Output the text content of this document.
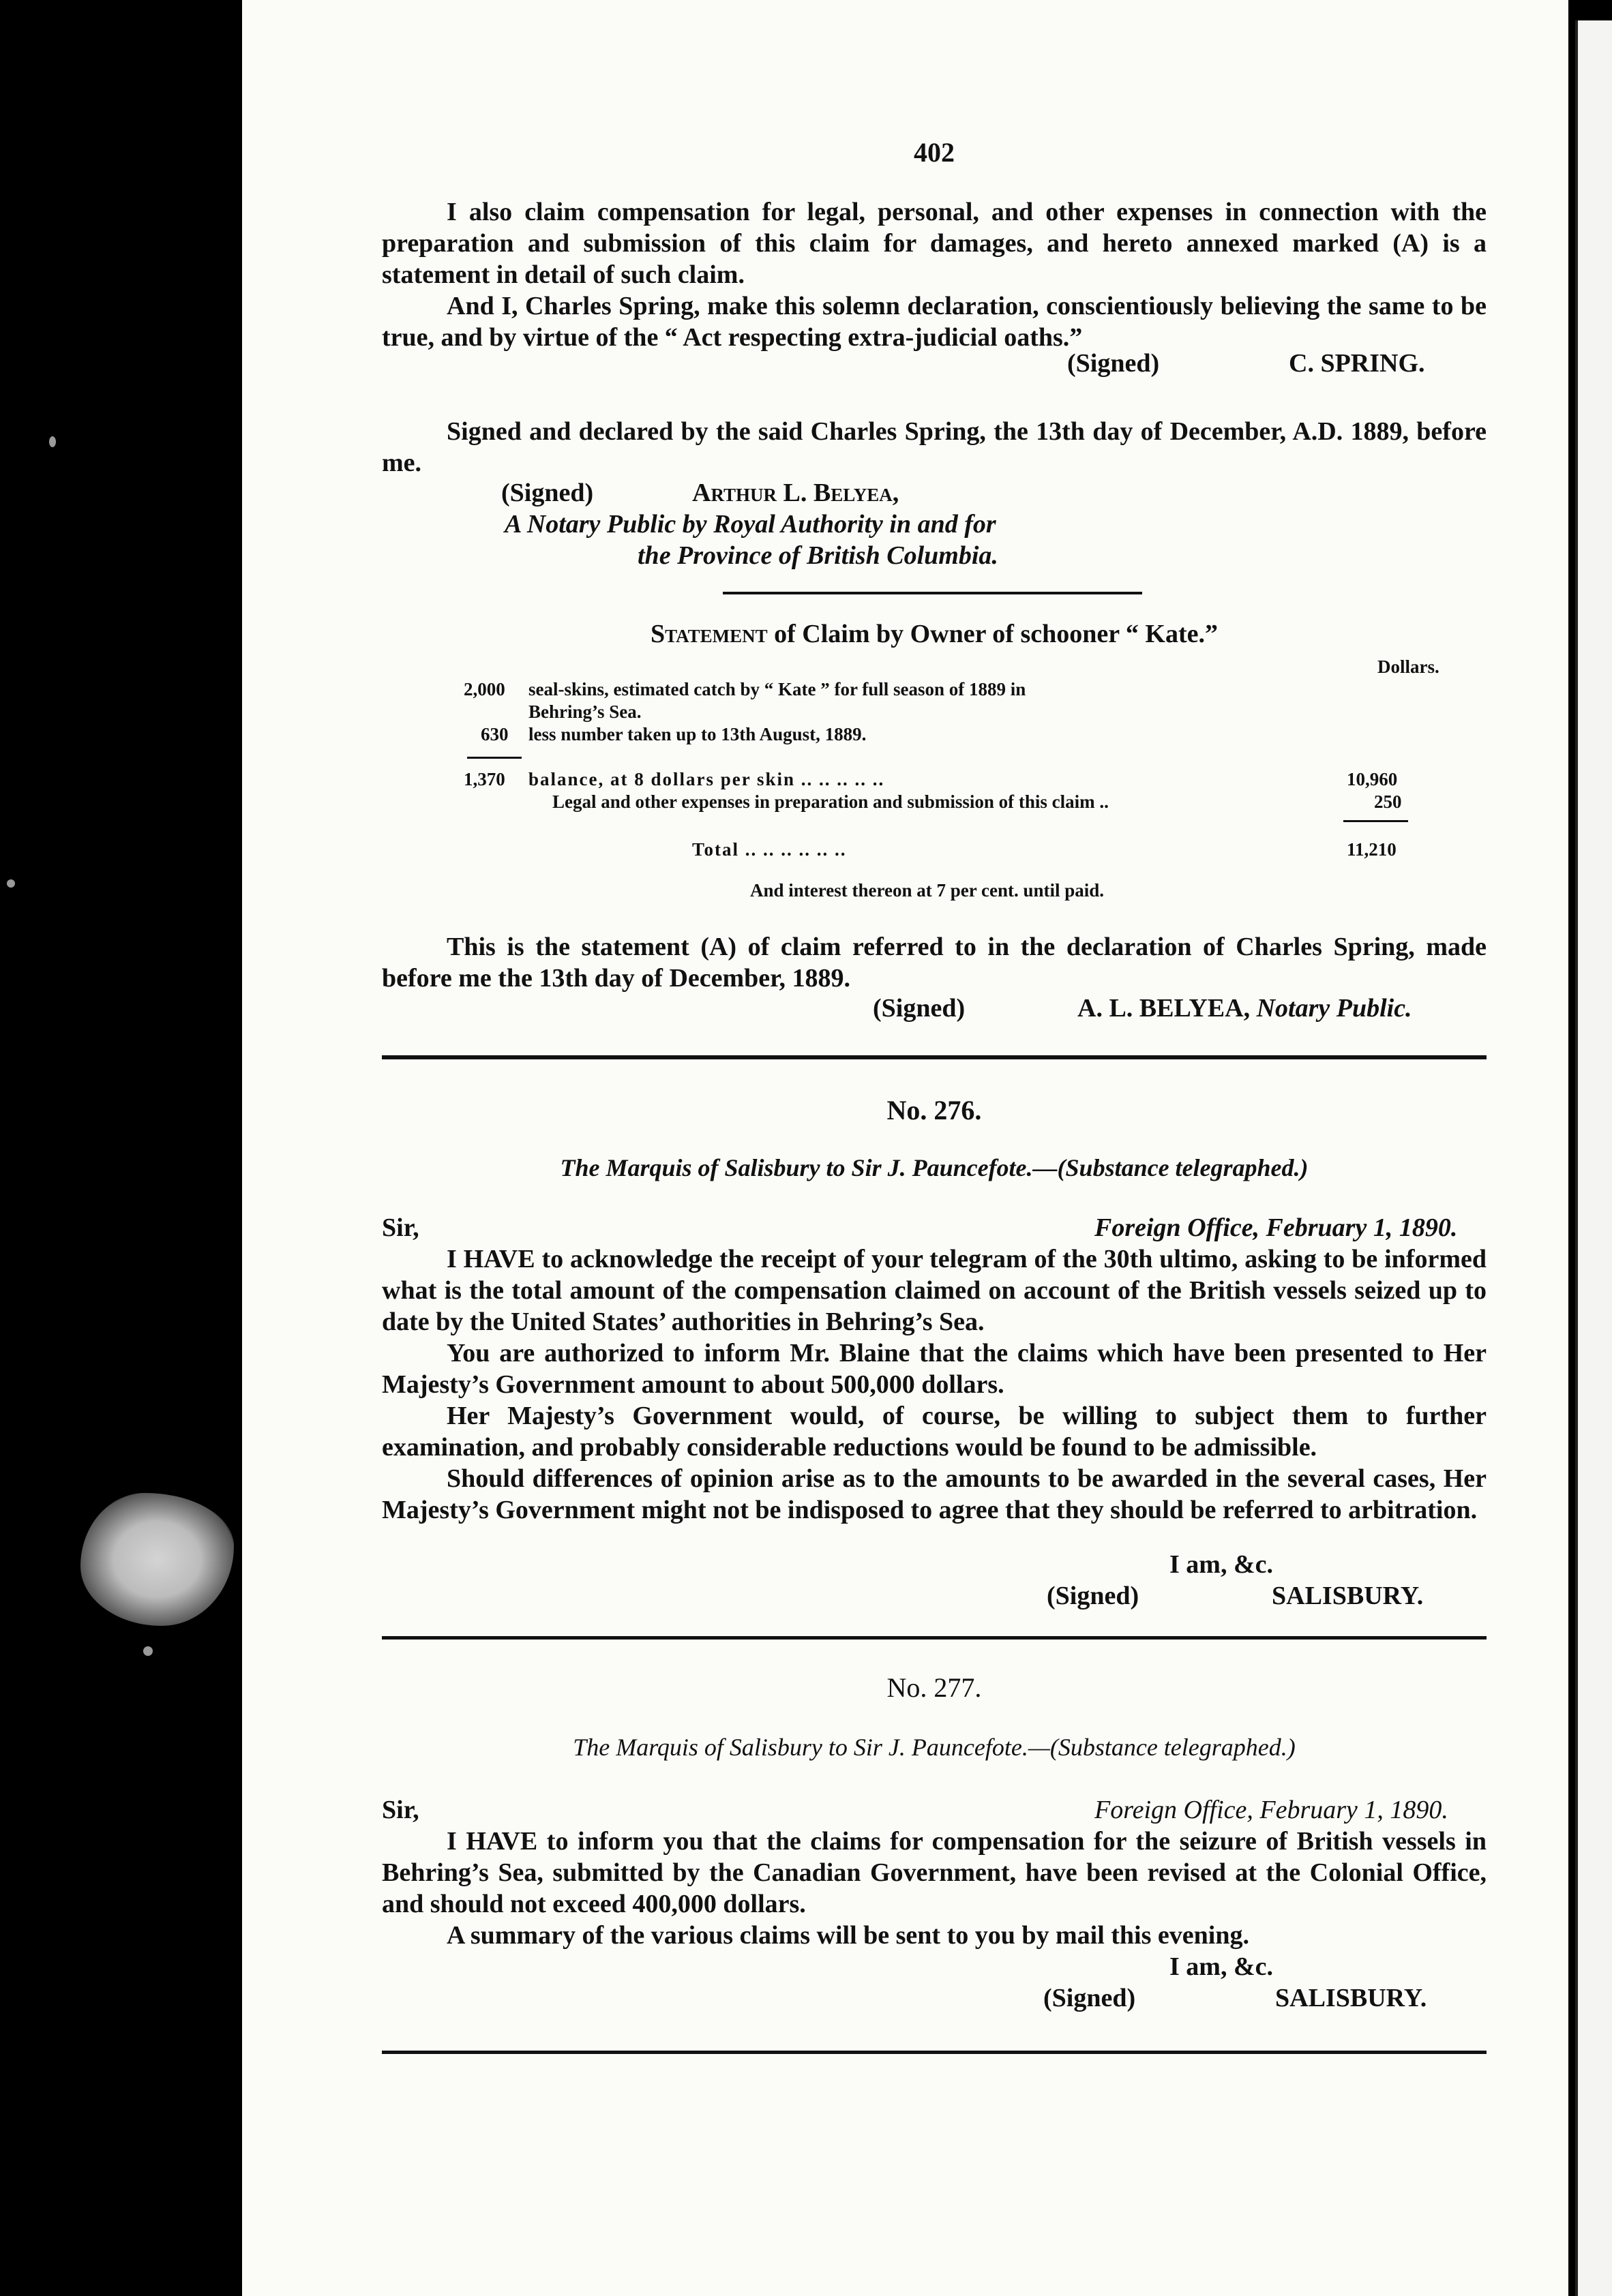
402

I also claim compensation for legal, personal, and other expenses in connection with the preparation and submission of this claim for damages, and hereto annexed marked (A) is a statement in detail of such claim.

And I, Charles Spring, make this solemn declaration, conscientiously believing the same to be true, and by virtue of the “ Act respecting extra-judicial oaths.”

(Signed)	C. SPRING.

Signed and declared by the said Charles Spring, the 13th day of December, A.D. 1889, before me.

(Signed)	Arthur L. Belyea,
A Notary Public by Royal Authority in and for
the Province of British Columbia.
Statement of Claim by Owner of schooner “ Kate.”
Dollars.
2,000 seal-skins, estimated catch by “ Kate ” for full season of 1889 in
Behring’s Sea.
630 less number taken up to 13th August, 1889.
1,370 balance, at 8 dollars per skin .. .. .. .. ..	10,960
Legal and other expenses in preparation and submission of this claim ..	250
Total .. .. .. .. .. ..	11,210
And interest thereon at 7 per cent. until paid.

This is the statement (A) of claim referred to in the declaration of Charles Spring, made before me the 13th day of December, 1889.

(Signed)	A. L. BELYEA, Notary Public.
No. 276.
The Marquis of Salisbury to Sir J. Pauncefote.—(Substance telegraphed.)
Sir,	Foreign Office, February 1, 1890.

I HAVE to acknowledge the receipt of your telegram of the 30th ultimo, asking to be informed what is the total amount of the compensation claimed on account of the British vessels seized up to date by the United States’ authorities in Behring’s Sea.

You are authorized to inform Mr. Blaine that the claims which have been presented to Her Majesty’s Government amount to about 500,000 dollars.

Her Majesty’s Government would, of course, be willing to subject them to further examination, and probably considerable reductions would be found to be admissible.

Should differences of opinion arise as to the amounts to be awarded in the several cases, Her Majesty’s Government might not be indisposed to agree that they should be referred to arbitration.

I am, &c.
(Signed)	SALISBURY.
No. 277.
The Marquis of Salisbury to Sir J. Pauncefote.—(Substance telegraphed.)
Sir,	Foreign Office, February 1, 1890.

I HAVE to inform you that the claims for compensation for the seizure of British vessels in Behring’s Sea, submitted by the Canadian Government, have been revised at the Colonial Office, and should not exceed 400,000 dollars.

A summary of the various claims will be sent to you by mail this evening.

I am, &c.
(Signed)	SALISBURY.
